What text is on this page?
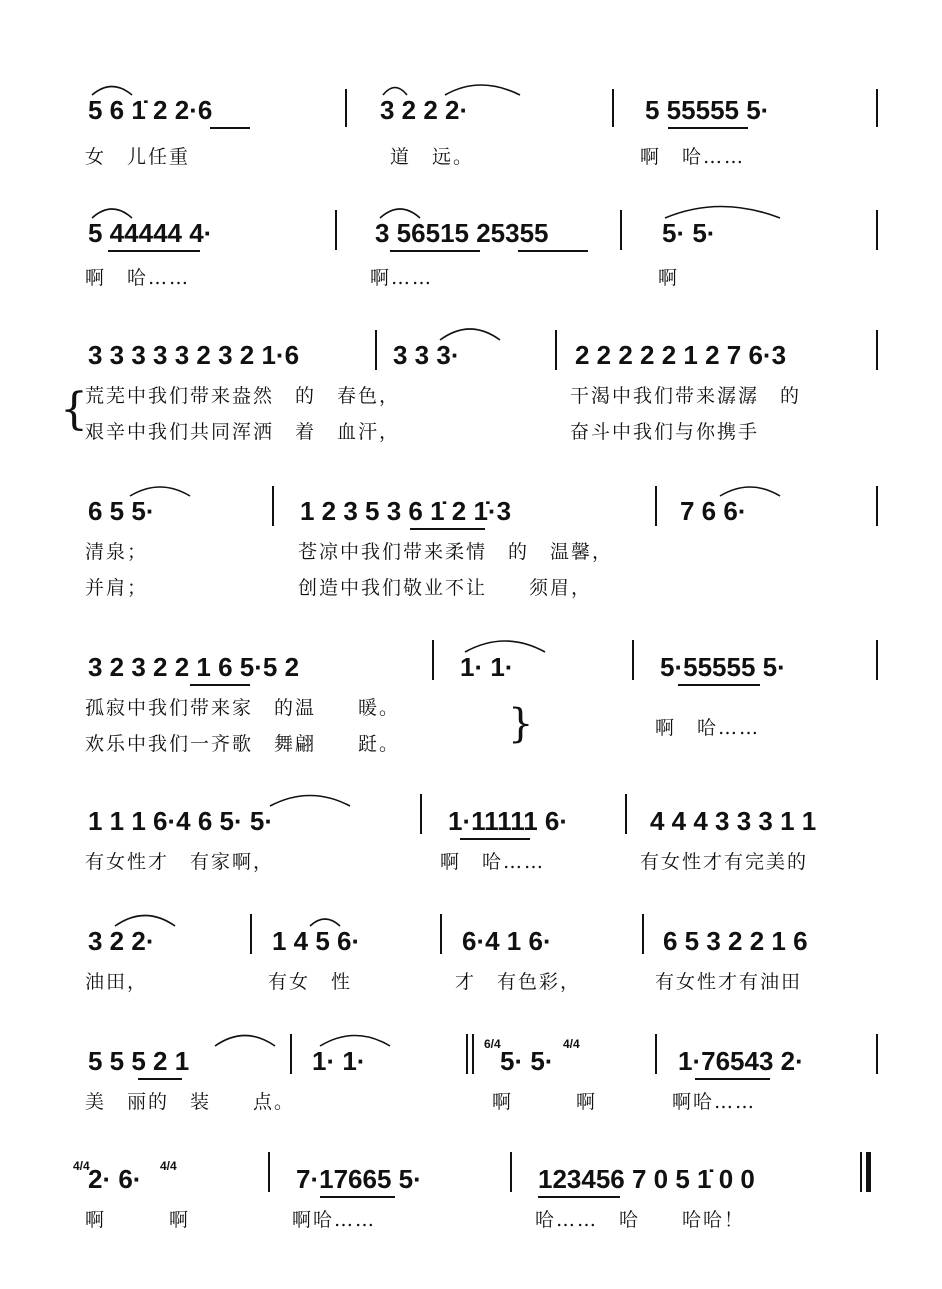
5 6 1̇ 2 2·6	3 2 2 2·	5 55555 5·
女　儿任重	道　远。	啊　哈……
5 44444 4·	3 56515 25355	5· 5·
啊　哈……	啊……	啊
3 3 3 3 3 2 3 2 1·6	3 3 3·	2 2 2 2 2 1 2 7 6·3
{
荒芜中我们带来盎然　的　春色，	干渴中我们带来潺潺　的
艰辛中我们共同浑洒　着　血汗，	奋斗中我们与你携手
6 5 5·	1 2 3 5 3 6 1̇ 2 1̇·3	7 6 6·
清泉；	苍凉中我们带来柔情　的　温馨，
并肩；	创造中我们敬业不让　　须眉，
3 2 3 2 2 1 6 5·5 2	1· 1·	5·55555 5·
孤寂中我们带来家　的温　　暖。	}	啊　哈……
欢乐中我们一齐歌　舞翩　　跹。
1 1 1 6·4 6 5· 5·	1·11111 6·	4 4 4 3 3 3 1 1
有女性才　有家啊，	啊　哈……	有女性才有完美的
3 2 2·	1 4 5 6·	6·4 1 6·	6 5 3 2 2 1 6
油田，	有女　性	才　有色彩，	有女性才有油田
5 5 5 2 1	1· 1·
6/4
5· 5·
4/4
1·76543 2·
美　丽的　装　　点。	啊　　　啊	啊哈……
4/4
2· 6· 4/4	7·17665 5·	123456 7 0 5 1̇ 0 0
啊　　　啊	啊哈……	哈……　哈　　哈哈！
